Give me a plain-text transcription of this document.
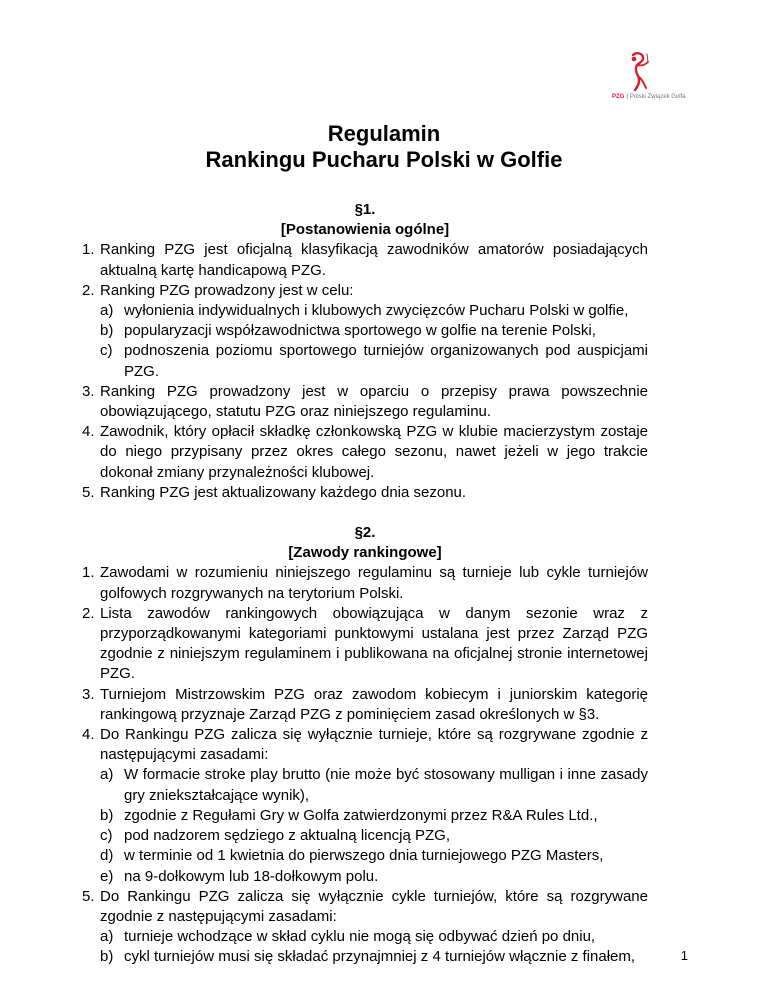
PZG | Polski Związek Golfa
Regulamin
Rankingu Pucharu Polski w Golfie
§1.
[Postanowienia ogólne]
1. Ranking PZG jest oficjalną klasyfikacją zawodników amatorów posiadających aktualną kartę handicapową PZG.
2. Ranking PZG prowadzony jest w celu:
a) wyłonienia indywidualnych i klubowych zwycięzców Pucharu Polski w golfie,
b) popularyzacji współzawodnictwa sportowego w golfie na terenie Polski,
c) podnoszenia poziomu sportowego turniejów organizowanych pod auspicjami PZG.
3. Ranking PZG prowadzony jest w oparciu o przepisy prawa powszechnie obowiązującego, statutu PZG oraz niniejszego regulaminu.
4. Zawodnik, który opłacił składkę członkowską PZG w klubie macierzystym zostaje do niego przypisany przez okres całego sezonu, nawet jeżeli w jego trakcie dokonał zmiany przynależności klubowej.
5. Ranking PZG jest aktualizowany każdego dnia sezonu.
§2.
[Zawody rankingowe]
1. Zawodami w rozumieniu niniejszego regulaminu są turnieje lub cykle turniejów golfowych rozgrywanych na terytorium Polski.
2. Lista zawodów rankingowych obowiązująca w danym sezonie wraz z przyporządkowanymi kategoriami punktowymi ustalana jest przez Zarząd PZG zgodnie z niniejszym regulaminem i publikowana na oficjalnej stronie internetowej PZG.
3. Turniejom Mistrzowskim PZG oraz zawodom kobiecym i juniorskim kategorię rankingową przyznaje Zarząd PZG z pominięciem zasad określonych w §3.
4. Do Rankingu PZG zalicza się wyłącznie turnieje, które są rozgrywane zgodnie z następującymi zasadami:
a) W formacie stroke play brutto (nie może być stosowany mulligan i inne zasady gry zniekształcające wynik),
b) zgodnie z Regułami Gry w Golfa zatwierdzonymi przez R&A Rules Ltd.,
c) pod nadzorem sędziego z aktualną licencją PZG,
d) w terminie od 1 kwietnia do pierwszego dnia turniejowego PZG Masters,
e) na 9-dołkowym lub 18-dołkowym polu.
5. Do Rankingu PZG zalicza się wyłącznie cykle turniejów, które są rozgrywane zgodnie z następującymi zasadami:
a) turnieje wchodzące w skład cyklu nie mogą się odbywać dzień po dniu,
b) cykl turniejów musi się składać przynajmniej z 4 turniejów włącznie z finałem,	1
